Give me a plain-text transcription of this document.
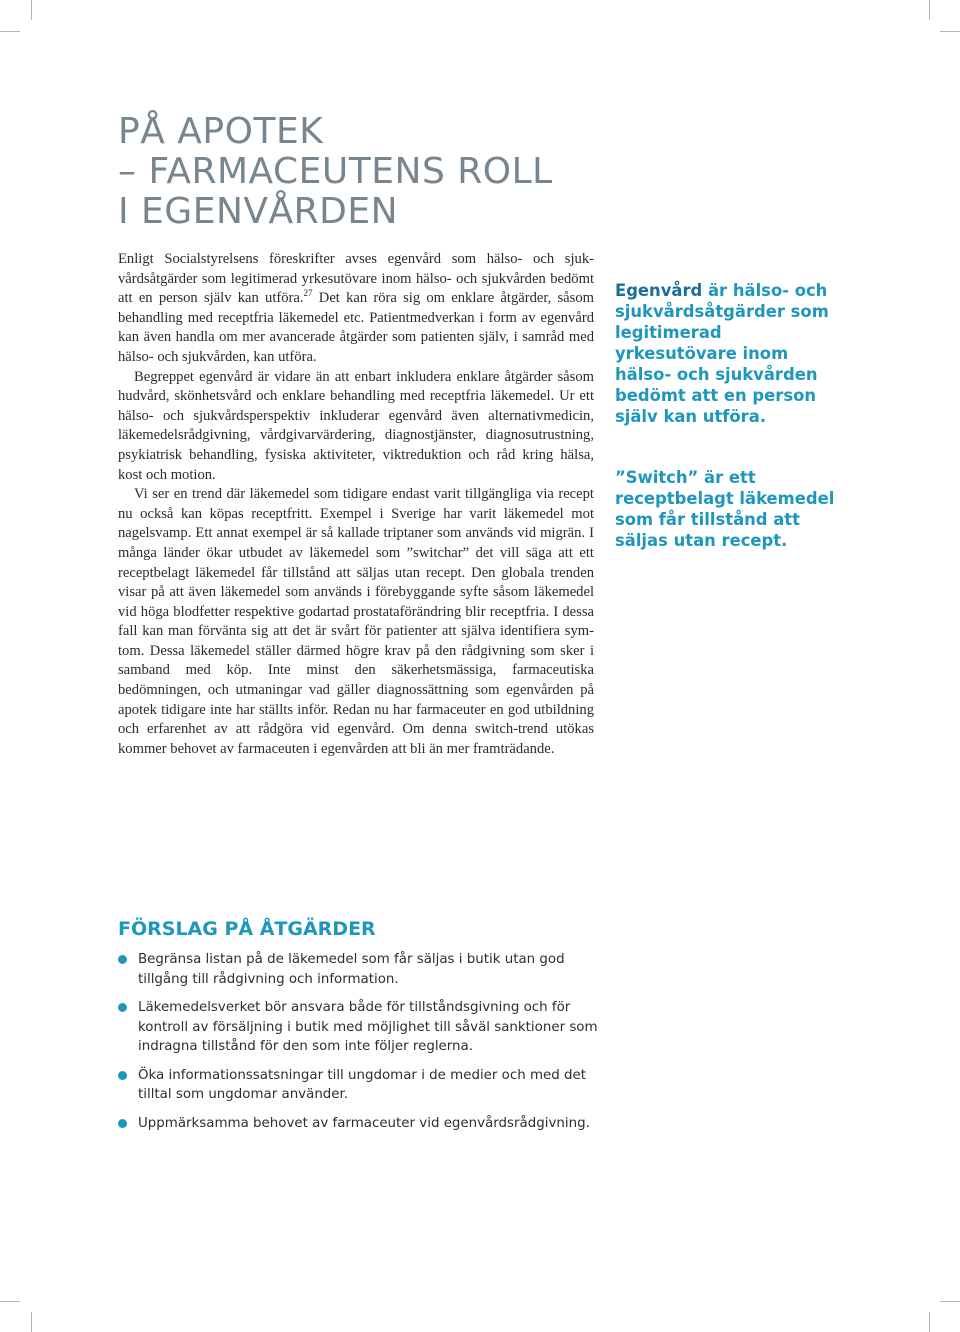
PÅ APOTEK
– FARMACEUTENS ROLL
I EGENVÅRDEN

Enligt Socialstyrelsens föreskrifter avses egenvård som hälso- och sjukvårdsåtgärder som legitimerad yrkesutövare inom hälso- och sjukvården bedömt att en person själv kan utföra.$^{27}$ Det kan röra sig om enklare åtgärder, såsom behandling med receptfria läkemedel etc. Patientmedverkan i form av egenvård kan även handla om mer avancerade åtgärder som patienten själv, i samråd med hälso- och sjukvården, kan utföra.

Begreppet egenvård är vidare än att enbart inkludera enklare åtgärder såsom hudvård, skönhetsvård och enklare behandling med receptfria läkemedel. Ur ett hälso- och sjukvårdsperspektiv inkluderar egenvård även alternativmedicin, läkemedelsrådgivning, vårdgivarvärdering, diagnostjänster, diagnosutrustning, psykiatrisk behandling, fysiska aktiviteter, viktreduktion och råd kring hälsa, kost och motion.

Vi ser en trend där läkemedel som tidigare endast varit tillgängliga via recept nu också kan köpas receptfritt. Exempel i Sverige har varit läkemedel mot nagelsvamp. Ett annat exempel är så kallade triptaner som används vid migrän. I många länder ökar utbudet av läkemedel som ”switchar” det vill säga att ett receptbelagt läkemedel får tillstånd att säljas utan recept. Den globala trenden visar på att även läkemedel som används i förebyggande syfte såsom läkemedel vid höga blodfetter respektive godartad prostataförändring blir receptfria. I dessa fall kan man förvänta sig att det är svårt för patienter att själva identifiera symtom. Dessa läkemedel ställer därmed högre krav på den rådgivning som sker i samband med köp. Inte minst den säkerhetsmässiga, farmaceutiska bedömningen, och utmaningar vad gäller diagnossättning som egenvården på apotek tidigare inte har ställts inför. Redan nu har farmaceuter en god utbildning och erfarenhet av att rådgöra vid egenvård. Om denna switch-trend utökas kommer behovet av farmaceuten i egenvården att bli än mer framträdande.

Egenvård är hälso- och sjukvårdsåtgärder som legitimerad yrkesutövare inom hälso- och sjukvården bedömt att en person själv kan utföra.

”Switch” är ett receptbelagt läkemedel som får tillstånd att säljas utan recept.

FÖRSLAG PÅ ÅTGÄRDER
Begränsa listan på de läkemedel som får säljas i butik utan god tillgång till rådgivning och information.
Läkemedelsverket bör ansvara både för tillståndsgivning och för kontroll av försäljning i butik med möjlighet till såväl sanktioner som indragna tillstånd för den som inte följer reglerna.
Öka informationssatsningar till ungdomar i de medier och med det tilltal som ungdomar använder.
Uppmärksamma behovet av farmaceuter vid egenvårdsrådgivning.
